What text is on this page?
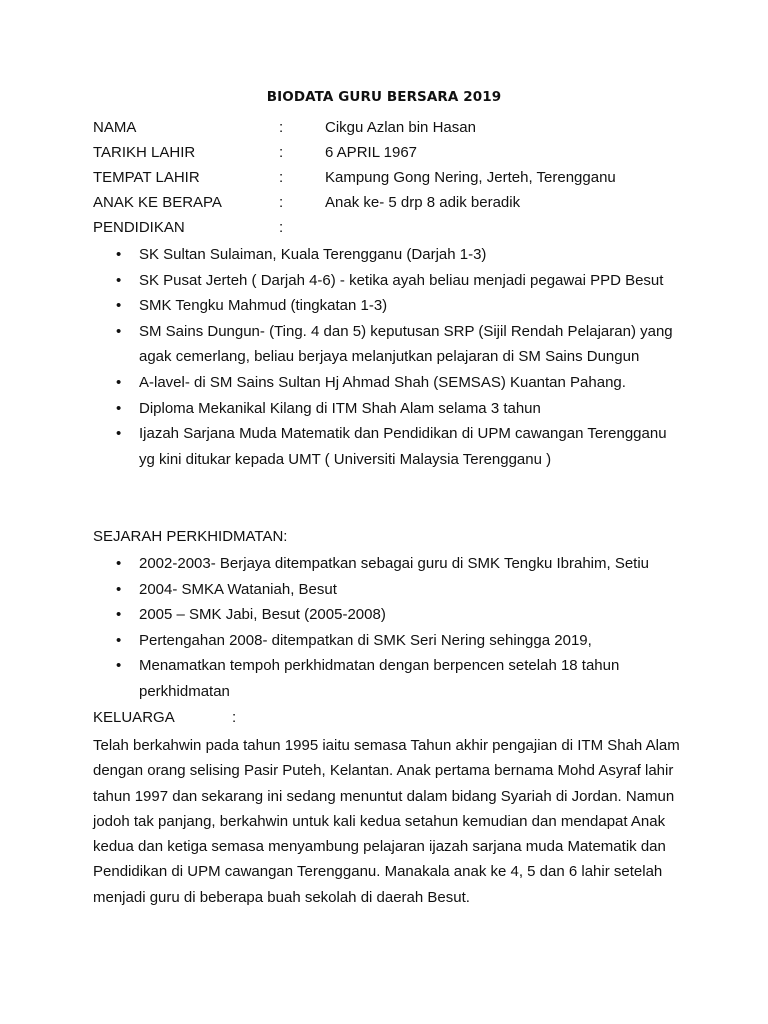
BIODATA GURU BERSARA 2019
NAMA	:	Cikgu Azlan bin Hasan
TARIKH LAHIR	:	6 APRIL 1967
TEMPAT LAHIR	:	Kampung Gong Nering, Jerteh, Terengganu
ANAK KE BERAPA	:	Anak ke- 5 drp 8 adik beradik
PENDIDIKAN	:
• SK Sultan Sulaiman, Kuala Terengganu (Darjah 1-3)
• SK Pusat Jerteh ( Darjah 4-6) - ketika ayah beliau menjadi pegawai PPD Besut
• SMK Tengku Mahmud (tingkatan 1-3)
• SM Sains Dungun- (Ting. 4 dan 5) keputusan SRP (Sijil Rendah Pelajaran) yang agak cemerlang, beliau berjaya melanjutkan pelajaran di SM Sains Dungun
• A-lavel- di SM Sains Sultan Hj Ahmad Shah (SEMSAS) Kuantan Pahang.
• Diploma Mekanikal Kilang di ITM Shah Alam selama 3 tahun
• Ijazah Sarjana Muda Matematik dan Pendidikan di UPM cawangan Terengganu yg kini ditukar kepada UMT ( Universiti Malaysia Terengganu )
SEJARAH PERKHIDMATAN:
• 2002-2003- Berjaya ditempatkan sebagai guru di SMK Tengku Ibrahim, Setiu
• 2004- SMKA Wataniah, Besut
• 2005 – SMK Jabi, Besut (2005-2008)
• Pertengahan 2008- ditempatkan di SMK Seri Nering sehingga 2019,
• Menamatkan tempoh perkhidmatan dengan berpencen setelah 18 tahun perkhidmatan
KELUARGA	:
Telah berkahwin pada tahun 1995 iaitu semasa Tahun akhir pengajian di ITM Shah Alam dengan orang selising Pasir Puteh, Kelantan. Anak pertama bernama Mohd Asyraf lahir tahun 1997 dan sekarang ini sedang menuntut dalam bidang Syariah di Jordan. Namun jodoh tak panjang, berkahwin untuk kali kedua setahun kemudian dan mendapat Anak kedua dan ketiga semasa menyambung pelajaran ijazah sarjana muda Matematik dan Pendidikan di UPM cawangan Terengganu. Manakala anak ke 4, 5 dan 6 lahir setelah menjadi guru di beberapa buah sekolah di daerah Besut.
